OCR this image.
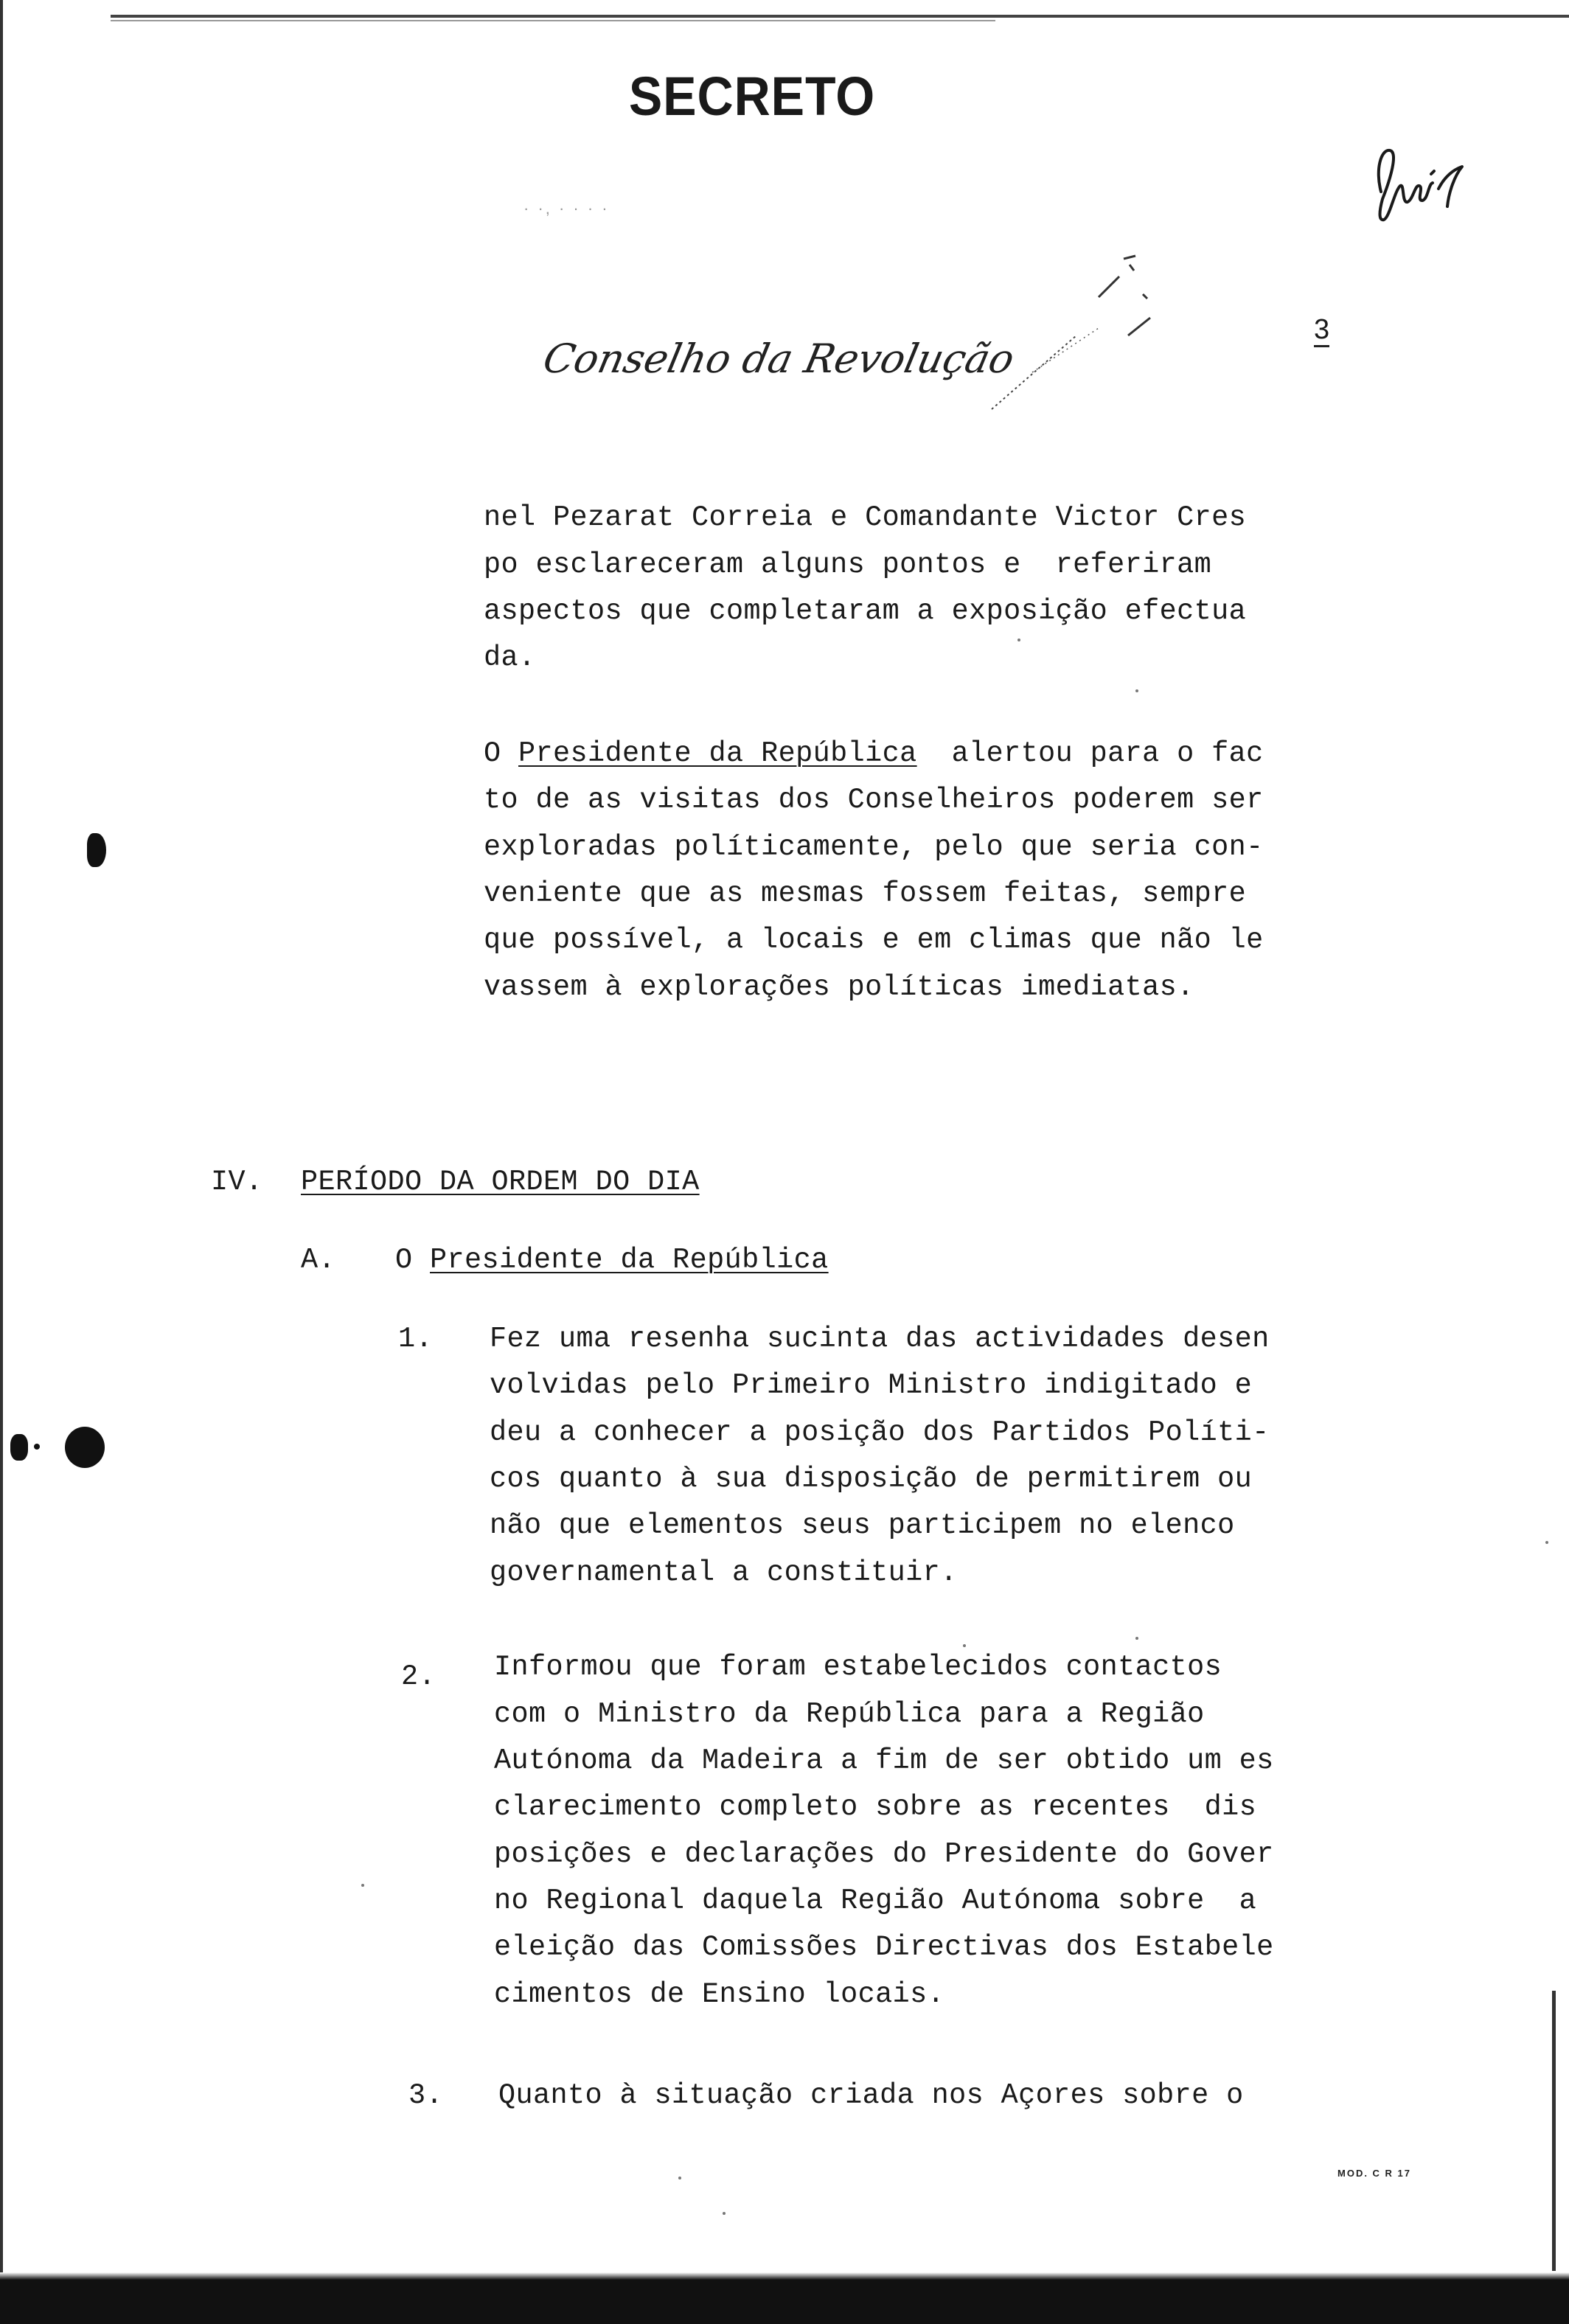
SECRETO
· ·, · · · ·
Conselho da Revolução
3
nel Pezarat Correia e Comandante Victor Cres
po esclareceram alguns pontos e  referiram
aspectos que completaram a exposição efectua
da.
O Presidente da República  alertou para o fac
to de as visitas dos Conselheiros poderem ser
exploradas políticamente, pelo que seria con-
veniente que as mesmas fossem feitas, sempre
que possível, a locais e em climas que não le
vassem à explorações políticas imediatas.
IV. PERÍODO DA ORDEM DO DIA
A. O Presidente da República
1. Fez uma resenha sucinta das actividades desen
volvidas pelo Primeiro Ministro indigitado e
deu a conhecer a posição dos Partidos Políti-
cos quanto à sua disposição de permitirem ou
não que elementos seus participem no elenco
governamental a constituir.
2. Informou que foram estabelecidos contactos
com o Ministro da República para a Região
Autónoma da Madeira a fim de ser obtido um es
clarecimento completo sobre as recentes  dis
posições e declarações do Presidente do Gover
no Regional daquela Região Autónoma sobre  a
eleição das Comissões Directivas dos Estabele
cimentos de Ensino locais.
3. Quanto à situação criada nos Açores sobre o
MOD. C R 17
